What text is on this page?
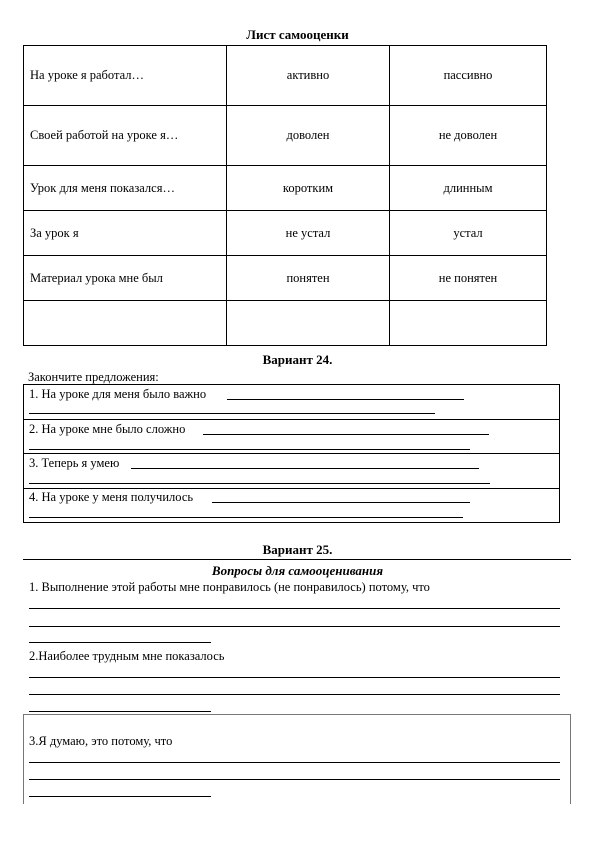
Лист самооценки
На уроке я работал…	активно	пассивно
Своей работой на уроке я…	доволен	не доволен
Урок для меня показался…	коротким	длинным
За урок я	не устал	устал
Материал урока мне был	понятен	не понятен

Вариант 24.
Закончите предложения:
1. На уроке для меня было важно
2. На уроке мне было сложно
3. Теперь я умею
4. На уроке у меня получилось
Вариант 25.
Вопросы для самооценивания
1. Выполнение этой работы мне понравилось (не понравилось) потому, что
2.Наиболее трудным мне показалось
3.Я думаю, это потому, что
